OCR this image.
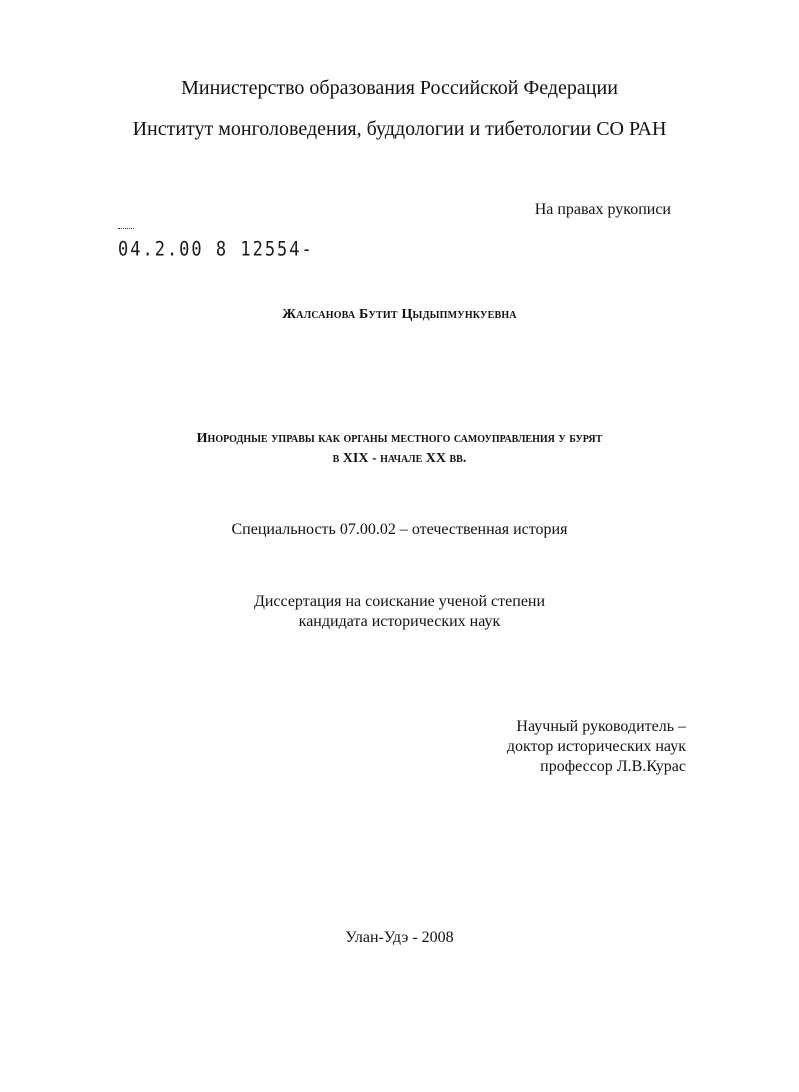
Министерство образования Российской Федерации
Институт монголоведения, буддологии и тибетологии СО РАН
На правах рукописи
04.2.00 8 12554-
Жалсанова Бутит Цыдыпмункуевна
Инородные управы как органы местного самоуправления у бурят
в XIX - начале XX вв.
Специальность 07.00.02 – отечественная история
Диссертация на соискание ученой степени
кандидата исторических наук
Научный руководитель –
доктор исторических наук
профессор Л.В.Курас
Улан-Удэ - 2008
